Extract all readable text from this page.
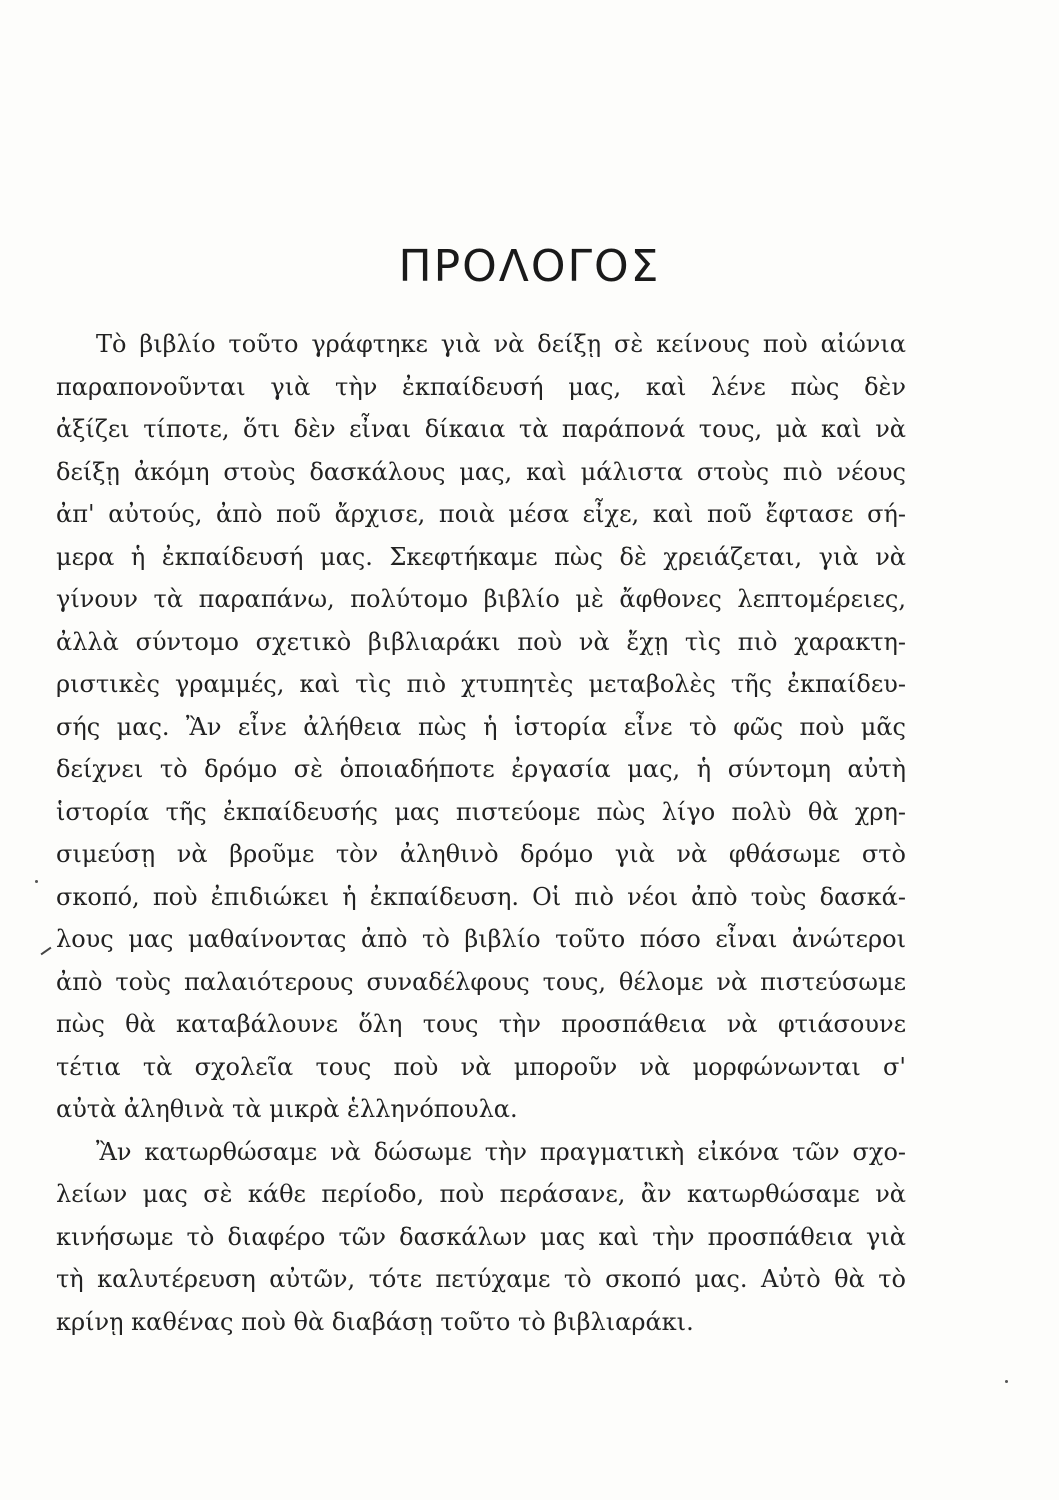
ΠΡΟΛΟΓΟΣ
Τὸ βιβλίο τοῦτο γράφτηκε γιὰ νὰ δείξῃ σὲ κείνους ποὺ αἰώνια
παραπονοῦνται γιὰ τὴν ἐκπαίδευσή μας, καὶ λένε πὼς δὲν
ἀξίζει τίποτε, ὅτι δὲν εἶναι δίκαια τὰ παράπονά τους, μὰ καὶ νὰ
δείξῃ ἀκόμη στοὺς δασκάλους μας, καὶ μάλιστα στοὺς πιὸ νέους
ἀπ' αὐτούς, ἀπὸ ποῦ ἄρχισε, ποιὰ μέσα εἶχε, καὶ ποῦ ἔφτασε σή-
μερα ἡ ἐκπαίδευσή μας. Σκεφτήκαμε πὼς δὲ χρειάζεται, γιὰ νὰ
γίνουν τὰ παραπάνω, πολύτομο βιβλίο μὲ ἄφθονες λεπτομέρειες,
ἀλλὰ σύντομο σχετικὸ βιβλιαράκι ποὺ νὰ ἔχῃ τὶς πιὸ χαρακτη-
ριστικὲς γραμμές, καὶ τὶς πιὸ χτυπητὲς μεταβολὲς τῆς ἐκπαίδευ-
σής μας. Ἂν εἶνε ἀλήθεια πὼς ἡ ἱστορία εἶνε τὸ φῶς ποὺ μᾶς
δείχνει τὸ δρόμο σὲ ὁποιαδήποτε ἐργασία μας, ἡ σύντομη αὐτὴ
ἱστορία τῆς ἐκπαίδευσής μας πιστεύομε πὼς λίγο πολὺ θὰ χρη-
σιμεύσῃ νὰ βροῦμε τὸν ἀληθινὸ δρόμο γιὰ νὰ φθάσωμε στὸ
σκοπό, ποὺ ἐπιδιώκει ἡ ἐκπαίδευση. Οἱ πιὸ νέοι ἀπὸ τοὺς δασκά-
λους μας μαθαίνοντας ἀπὸ τὸ βιβλίο τοῦτο πόσο εἶναι ἀνώτεροι
ἀπὸ τοὺς παλαιότερους συναδέλφους τους, θέλομε νὰ πιστεύσωμε
πὼς θὰ καταβάλουνε ὅλη τους τὴν προσπάθεια νὰ φτιάσουνε
τέτια τὰ σχολεῖα τους ποὺ νὰ μποροῦν νὰ μορφώνωνται σ'
αὐτὰ ἀληθινὰ τὰ μικρὰ ἑλληνόπουλα.
Ἂν κατωρθώσαμε νὰ δώσωμε τὴν πραγματικὴ εἰκόνα τῶν σχο-
λείων μας σὲ κάθε περίοδο, ποὺ περάσανε, ἂν κατωρθώσαμε νὰ
κινήσωμε τὸ διαφέρο τῶν δασκάλων μας καὶ τὴν προσπάθεια γιὰ
τὴ καλυτέρευση αὐτῶν, τότε πετύχαμε τὸ σκοπό μας. Αὐτὸ θὰ τὸ
κρίνῃ καθένας ποὺ θὰ διαβάσῃ τοῦτο τὸ βιβλιαράκι.
